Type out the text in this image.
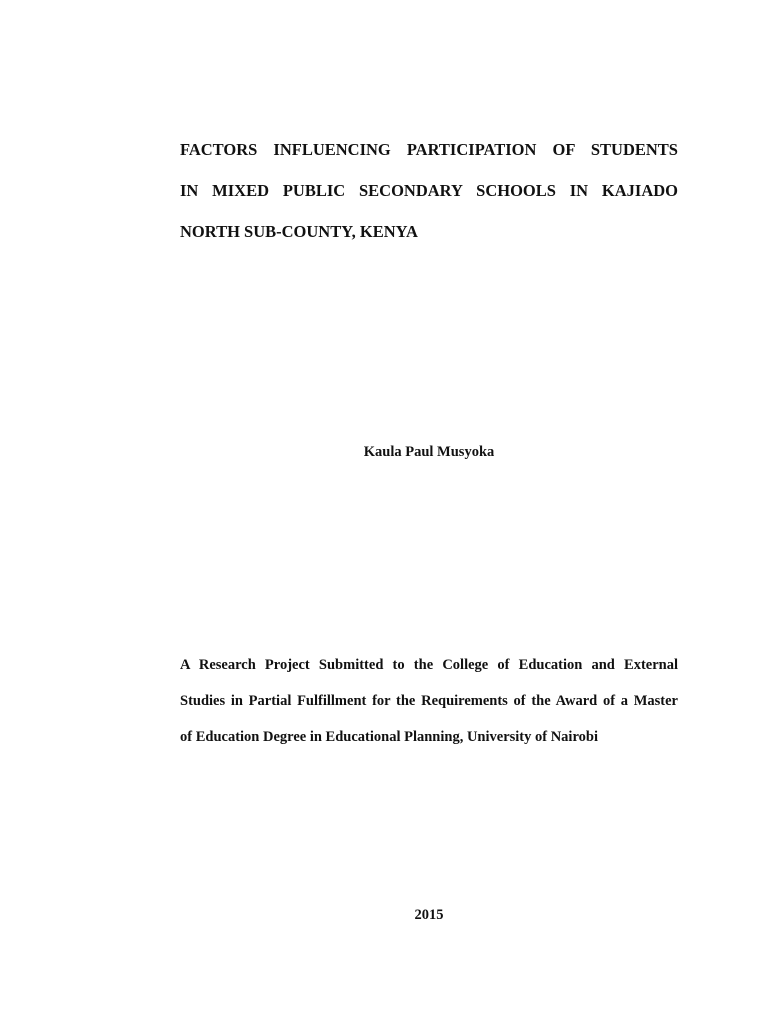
FACTORS INFLUENCING PARTICIPATION OF STUDENTS
IN MIXED PUBLIC SECONDARY SCHOOLS IN KAJIADO
NORTH SUB-COUNTY, KENYA
Kaula Paul Musyoka
A Research Project Submitted to the College of Education and External
Studies in Partial Fulfillment for the Requirements of the Award of a Master
of Education Degree in Educational Planning, University of Nairobi
2015
